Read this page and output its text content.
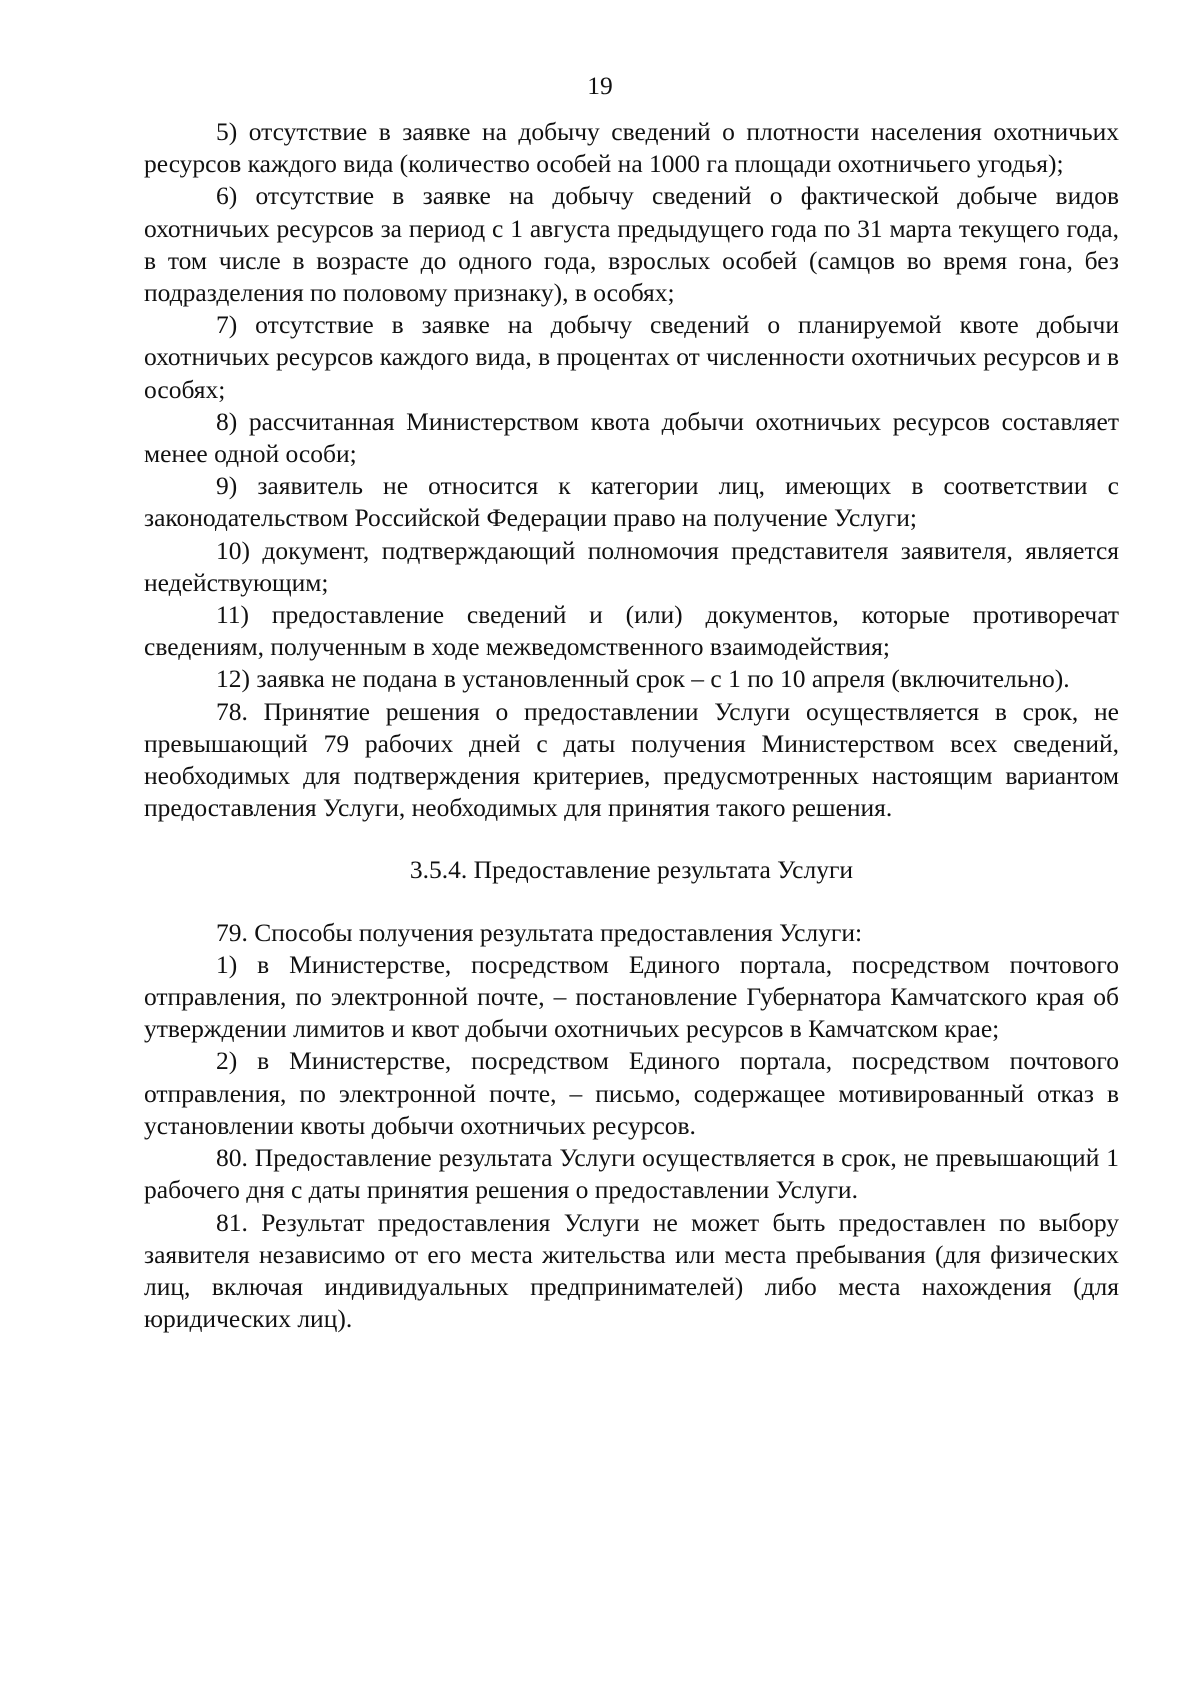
19

5) отсутствие в заявке на добычу сведений о плотности населения охотничьих ресурсов каждого вида (количество особей на 1000 га площади охотничьего угодья);

6) отсутствие в заявке на добычу сведений о фактической добыче видов охотничьих ресурсов за период с 1 августа предыдущего года по 31 марта текущего года, в том числе в возрасте до одного года, взрослых особей (самцов во время гона, без подразделения по половому признаку), в особях;

7) отсутствие в заявке на добычу сведений о планируемой квоте добычи охотничьих ресурсов каждого вида, в процентах от численности охотничьих ресурсов и в особях;

8) рассчитанная Министерством квота добычи охотничьих ресурсов составляет менее одной особи;

9) заявитель не относится к категории лиц, имеющих в соответствии с законодательством Российской Федерации право на получение Услуги;

10) документ, подтверждающий полномочия представителя заявителя, является недействующим;

11) предоставление сведений и (или) документов, которые противоречат сведениям, полученным в ходе межведомственного взаимодействия;

12) заявка не подана в установленный срок – с 1 по 10 апреля (включительно).

78. Принятие решения о предоставлении Услуги осуществляется в срок, не превышающий 79 рабочих дней с даты получения Министерством всех сведений, необходимых для подтверждения критериев, предусмотренных настоящим вариантом предоставления Услуги, необходимых для принятия такого решения.

3.5.4. Предоставление результата Услуги

79. Способы получения результата предоставления Услуги:

1) в Министерстве, посредством Единого портала, посредством почтового отправления, по электронной почте, – постановление Губернатора Камчатского края об утверждении лимитов и квот добычи охотничьих ресурсов в Камчатском крае;

2) в Министерстве, посредством Единого портала, посредством почтового отправления, по электронной почте, – письмо, содержащее мотивированный отказ в установлении квоты добычи охотничьих ресурсов.

80. Предоставление результата Услуги осуществляется в срок, не превышающий 1 рабочего дня с даты принятия решения о предоставлении Услуги.

81. Результат предоставления Услуги не может быть предоставлен по выбору заявителя независимо от его места жительства или места пребывания (для физических лиц, включая индивидуальных предпринимателей) либо места нахождения (для юридических лиц).
